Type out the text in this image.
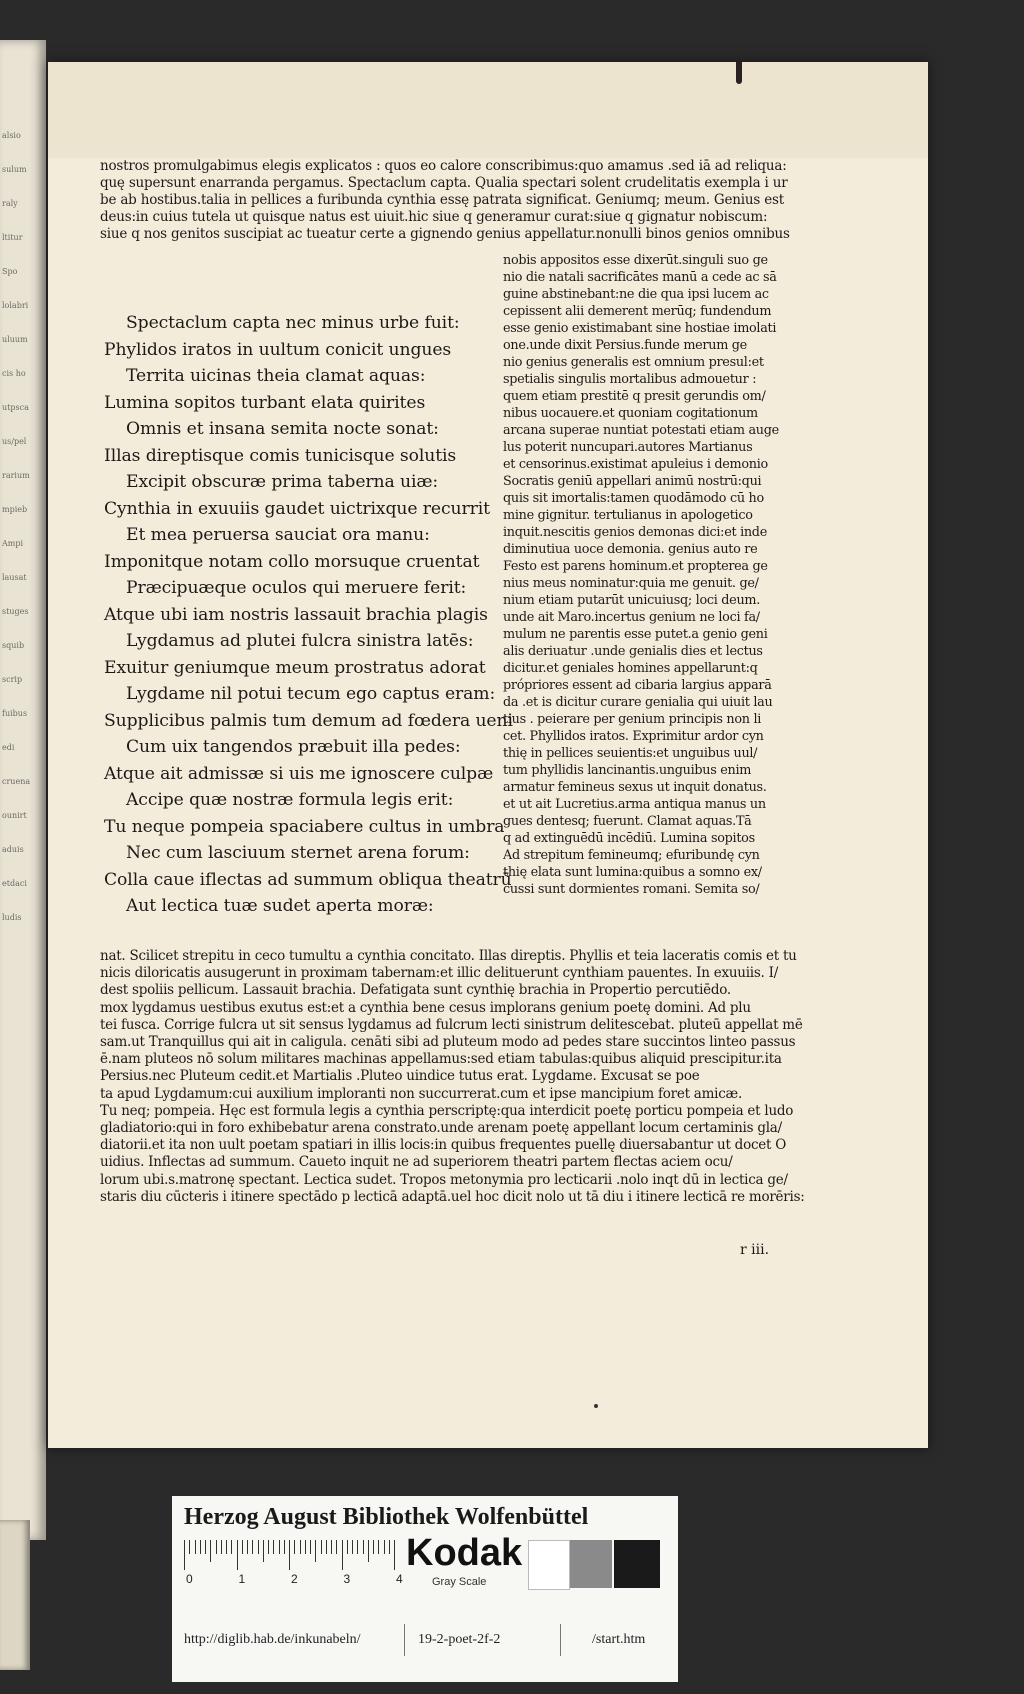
alsio
sulum
raly
ltitur
Spo
lolabri
uluum
cis ho
utpsca
us/pel
rarium
mpieb
Ampi
lausat
stuges
squib
scrip
fuibus
edi
cruena
ounirt
aduis
etdaci
ludis
nostros promulgabimus elegis explicatos : quos eo calore conscribimus:quo amamus .sed iā ad reliqua:
quę supersunt enarranda pergamus. Spectaclum capta. Qualia spectari solent crudelitatis exempla i ur
be ab hostibus.talia in pellices a furibunda cynthia essę patrata significat. Geniumq; meum. Genius est
deus:in cuius tutela ut quisque natus est uiuit.hic siue q generamur curat:siue q gignatur nobiscum:
siue q nos genitos suscipiat ac tueatur certe a gignendo genius appellatur.nonulli binos genios omnibus
Spectaclum capta nec minus urbe fuit:
Phylidos iratos in uultum conicit ungues
Territa uicinas theia clamat aquas:
Lumina sopitos turbant elata quirites
Omnis et insana semita nocte sonat:
Illas direptisque comis tunicisque solutis
Excipit obscuræ prima taberna uiæ:
Cynthia in exuuiis gaudet uictrixque recurrit
Et mea peruersa sauciat ora manu:
Imponitque notam collo morsuque cruentat
Præcipuæque oculos qui meruere ferit:
Atque ubi iam nostris lassauit brachia plagis
Lygdamus ad plutei fulcra sinistra latēs:
Exuitur geniumque meum prostratus adorat
Lygdame nil potui tecum ego captus eram:
Supplicibus palmis tum demum ad fœdera ueni
Cum uix tangendos præbuit illa pedes:
Atque ait admissæ si uis me ignoscere culpæ
Accipe quæ nostræ formula legis erit:
Tu neque pompeia spaciabere cultus in umbra
Nec cum lasciuum sternet arena forum:
Colla caue iflectas ad summum obliqua theatrū
Aut lectica tuæ sudet aperta moræ:
nobis appositos esse dixerūt.singuli suo ge
nio die natali sacrificātes manū a cede ac sā
guine abstinebant:ne die qua ipsi lucem ac
cepissent alii demerent merūq; fundendum
esse genio existimabant sine hostiae imolati
one.unde dixit Persius.funde merum ge
nio genius generalis est omnium presul:et
spetialis singulis mortalibus admouetur :
quem etiam prestitē q presit gerundis om/
nibus uocauere.et quoniam cogitationum
arcana superae nuntiat potestati etiam auge
lus poterit nuncupari.autores Martianus
et censorinus.existimat apuleius i demonio
Socratis geniū appellari animū nostrū:qui
quis sit imortalis:tamen quodāmodo cū ho
mine gignitur. tertulianus in apologetico
inquit.nescitis genios demonas dici:et inde
diminutiua uoce demonia. genius auto re
Festo est parens hominum.et propterea ge
nius meus nominatur:quia me genuit. ge/
nium etiam putarūt unicuiusq; loci deum.
unde ait Maro.incertus genium ne loci fa/
mulum ne parentis esse putet.a genio geni
alis deriuatur .unde genialis dies et lectus
dicitur.et geniales homines appellarunt:q
própriores essent ad cibaria largius apparā
da .et is dicitur curare genialia qui uiuit lau
tius . peierare per genium principis non li
cet. Phyllidos iratos. Exprimitur ardor cyn
thię in pellices seuientis:et unguibus uul/
tum phyllidis lancinantis.unguibus enim
armatur femineus sexus ut inquit donatus.
et ut ait Lucretius.arma antiqua manus un
gues dentesq; fuerunt. Clamat aquas.Tā
q ad extinguēdū incēdiū. Lumina sopitos
Ad strepitum femineumq; efuribundę cyn
thię elata sunt lumina:quibus a somno ex/
cussi sunt dormientes romani. Semita so/
nat. Scilicet strepitu in ceco tumultu a cynthia concitato. Illas direptis. Phyllis et teia laceratis comis et tu
nicis diloricatis ausugerunt in proximam tabernam:et illic delituerunt cynthiam pauentes. In exuuiis. I/
dest spoliis pellicum. Lassauit brachia. Defatigata sunt cynthię brachia in Propertio percutiēdo.
mox lygdamus uestibus exutus est:et a cynthia bene cesus implorans genium poetę domini. Ad plu
tei fusca. Corrige fulcra ut sit sensus lygdamus ad fulcrum lecti sinistrum delitescebat. pluteū appellat mē
sam.ut Tranquillus qui ait in caligula. cenāti sibi ad pluteum modo ad pedes stare succintos linteo passus
ē.nam pluteos nō solum militares machinas appellamus:sed etiam tabulas:quibus aliquid prescipitur.ita
Persius.nec Pluteum cedit.et Martialis .Pluteo uindice tutus erat. Lygdame. Excusat se poe
ta apud Lygdamum:cui auxilium imploranti non succurrerat.cum et ipse mancipium foret amicæ.
Tu neq; pompeia. Hęc est formula legis a cynthia perscriptę:qua interdicit poetę porticu pompeia et ludo
gladiatorio:qui in foro exhibebatur arena constrato.unde arenam poetę appellant locum certaminis gla/
diatorii.et ita non uult poetam spatiari in illis locis:in quibus frequentes puellę diuersabantur ut docet O
uidius. Inflectas ad summum. Caueto inquit ne ad superiorem theatri partem flectas aciem ocu/
lorum ubi.s.matronę spectant. Lectica sudet. Tropos metonymia pro lecticarii .nolo inqt dū in lectica ge/
staris diu cūcteris i itinere spectādo p lecticā adaptā.uel hoc dicit nolo ut tā diu i itinere lecticā re morēris:
r iii.
Herzog August Bibliothek Wolfenbüttel
0	1	2	3	4
Kodak
Gray Scale
http://diglib.hab.de/inkunabeln/	19-2-poet-2f-2	/start.htm
